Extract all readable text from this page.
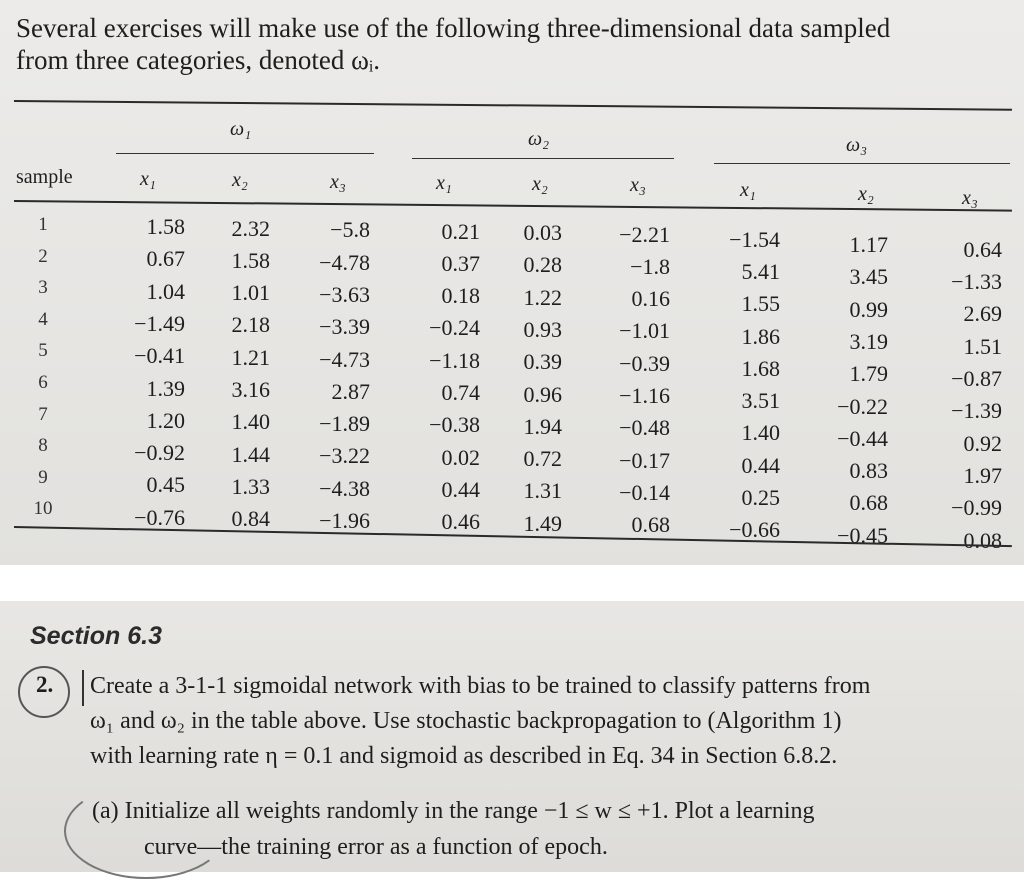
Several exercises will make use of the following three-dimensional data sampled
from three categories, denoted ωᵢ.
ω₁	ω₂	ω₃
sample	x₁	x₂	x₃	x₁	x₂	x₃	x₁	x₂	x₃
1	1.58	2.32	−5.8	0.21	0.03	−2.21	−1.54	1.17	0.64
2	0.67	1.58	−4.78	0.37	0.28	−1.8	5.41	3.45	−1.33
3	1.04	1.01	−3.63	0.18	1.22	0.16	1.55	0.99	2.69
4	−1.49	2.18	−3.39	−0.24	0.93	−1.01	1.86	3.19	1.51
5	−0.41	1.21	−4.73	−1.18	0.39	−0.39	1.68	1.79	−0.87
6	1.39	3.16	2.87	0.74	0.96	−1.16	3.51	−0.22	−1.39
7	1.20	1.40	−1.89	−0.38	1.94	−0.48	1.40	−0.44	0.92
8	−0.92	1.44	−3.22	0.02	0.72	−0.17	0.44	0.83	1.97
9	0.45	1.33	−4.38	0.44	1.31	−0.14	0.25	0.68	−0.99
10	−0.76	0.84	−1.96	0.46	1.49	0.68	−0.66	−0.45	0.08
Section 6.3
2. Create a 3-1-1 sigmoidal network with bias to be trained to classify patterns from
ω₁ and ω₂ in the table above. Use stochastic backpropagation to (Algorithm 1)
with learning rate η = 0.1 and sigmoid as described in Eq. 34 in Section 6.8.2.
(a) Initialize all weights randomly in the range −1 ≤ w ≤ +1. Plot a learning
curve—the training error as a function of epoch.
